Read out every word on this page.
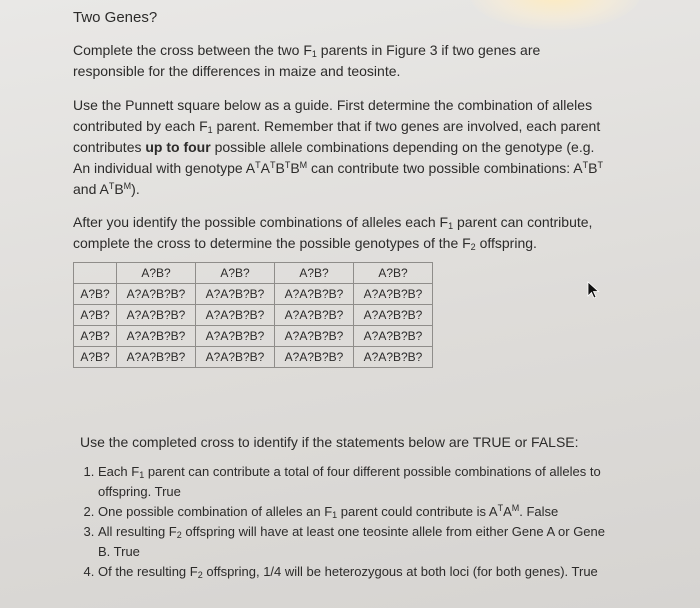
Two Genes?

Complete the cross between the two $F_1$ parents in Figure 3 if two genes are responsible for the differences in maize and teosinte.

Use the Punnett square below as a guide. First determine the combination of alleles contributed by each $F_1$ parent. Remember that if two genes are involved, each parent contributes up to four possible allele combinations depending on the genotype (e.g. An individual with genotype $A^TA^TB^TB^M$ can contribute two possible combinations: $A^TB^T$ and $A^TB^M$).

After you identify the possible combinations of alleles each $F_1$ parent can contribute, complete the cross to determine the possible genotypes of the $F_2$ offspring.

	A?B?	A?B?	A?B?	A?B?
A?B?	A?A?B?B?	A?A?B?B?	A?A?B?B?	A?A?B?B?
A?B?	A?A?B?B?	A?A?B?B?	A?A?B?B?	A?A?B?B?
A?B?	A?A?B?B?	A?A?B?B?	A?A?B?B?	A?A?B?B?
A?B?	A?A?B?B?	A?A?B?B?	A?A?B?B?	A?A?B?B?

Use the completed cross to identify if the statements below are TRUE or FALSE:

1. Each $F_1$ parent can contribute a total of four different possible combinations of alleles to offspring. True
2. One possible combination of alleles an $F_1$ parent could contribute is $A^TA^M$. False
3. All resulting $F_2$ offspring will have at least one teosinte allele from either Gene A or Gene B. True
4. Of the resulting $F_2$ offspring, 1/4 will be heterozygous at both loci (for both genes). True
